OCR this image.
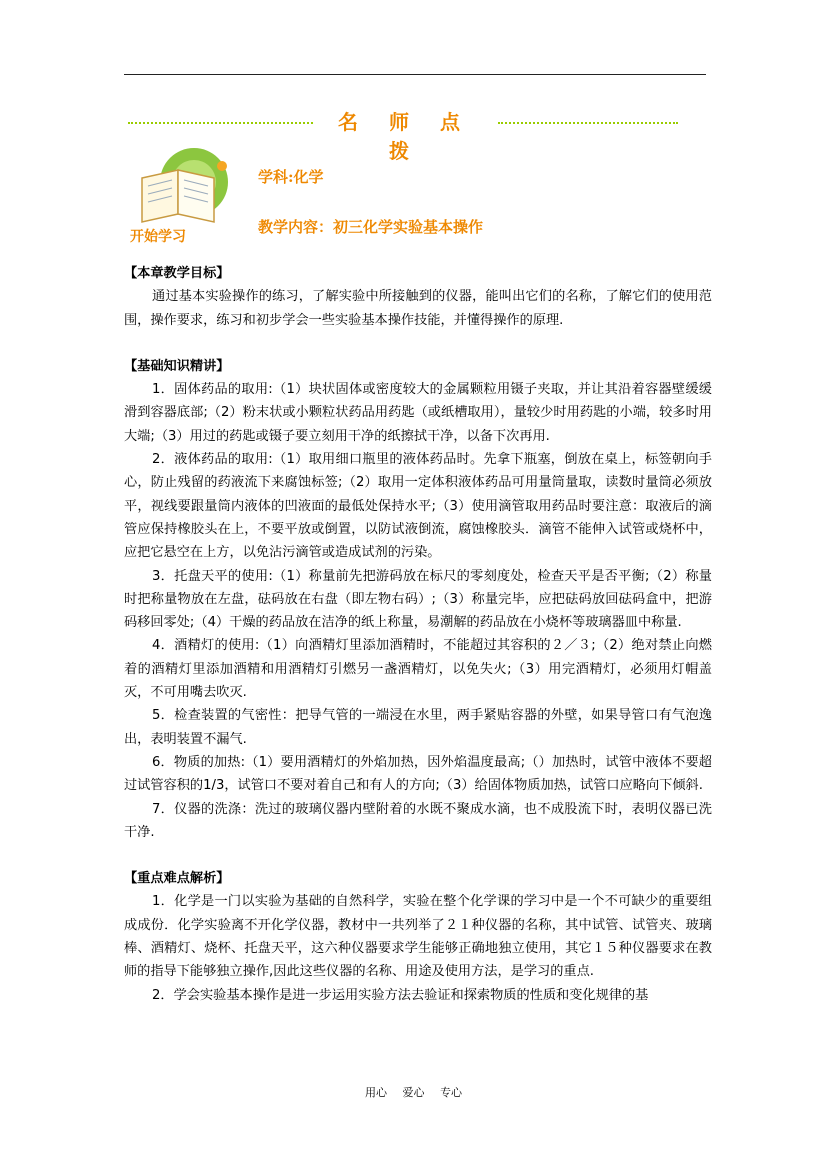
名 师 点 拨
开始学习
学科:化学
教学内容：初三化学实验基本操作

【本章教学目标】

通过基本实验操作的练习，了解实验中所接触到的仪器，能叫出它们的名称，了解它们的使用范围，操作要求，练习和初步学会一些实验基本操作技能，并懂得操作的原理.

【基础知识精讲】

1．固体药品的取用:（1）块状固体或密度较大的金属颗粒用镊子夹取，并让其沿着容器壁缓缓滑到容器底部;（2）粉末状或小颗粒状药品用药匙（或纸槽取用），量较少时用药匙的小端，较多时用大端;（3）用过的药匙或镊子要立刻用干净的纸擦拭干净，以备下次再用.

2．液体药品的取用:（1）取用细口瓶里的液体药品时。先拿下瓶塞，倒放在桌上，标签朝向手心，防止残留的药液流下来腐蚀标签;（2）取用一定体积液体药品可用量筒量取，读数时量筒必须放平，视线要跟量筒内液体的凹液面的最低处保持水平;（3）使用滴管取用药品时要注意：取液后的滴管应保持橡胶头在上，不要平放或倒置，以防试液倒流，腐蚀橡胶头．滴管不能伸入试管或烧杯中，应把它悬空在上方，以免沾污滴管或造成试剂的污染。

3．托盘天平的使用:（1）称量前先把游码放在标尺的零刻度处，检查天平是否平衡;（2）称量时把称量物放在左盘，砝码放在右盘（即左物右码）;（3）称量完毕，应把砝码放回砝码盒中，把游码移回零处;（4）干燥的药品放在洁净的纸上称量，易潮解的药品放在小烧杯等玻璃器皿中称量.

4．酒精灯的使用:（1）向酒精灯里添加酒精时，不能超过其容积的２／３;（2）绝对禁止向燃着的酒精灯里添加酒精和用酒精灯引燃另一盏酒精灯，以免失火;（3）用完酒精灯，必须用灯帽盖灭，不可用嘴去吹灭.

5．检查装置的气密性：把导气管的一端浸在水里，两手紧贴容器的外壁，如果导管口有气泡逸出，表明装置不漏气.

6．物质的加热:（1）要用酒精灯的外焰加热，因外焰温度最高;（）加热时，试管中液体不要超过试管容积的1/3，试管口不要对着自己和有人的方向;（3）给固体物质加热，试管口应略向下倾斜.

7．仪器的洗涤：洗过的玻璃仪器内壁附着的水既不聚成水滴，也不成股流下时，表明仪器已洗干净.

【重点难点解析】

1．化学是一门以实验为基础的自然科学，实验在整个化学课的学习中是一个不可缺少的重要组成成份．化学实验离不开化学仪器，教材中一共列举了２１种仪器的名称，其中试管、试管夹、玻璃棒、酒精灯、烧杯、托盘天平，这六种仪器要求学生能够正确地独立使用，其它１５种仪器要求在教师的指导下能够独立操作,因此这些仪器的名称、用途及使用方法，是学习的重点.

2．学会实验基本操作是进一步运用实验方法去验证和探索物质的性质和变化规律的基

用心 爱心 专心
